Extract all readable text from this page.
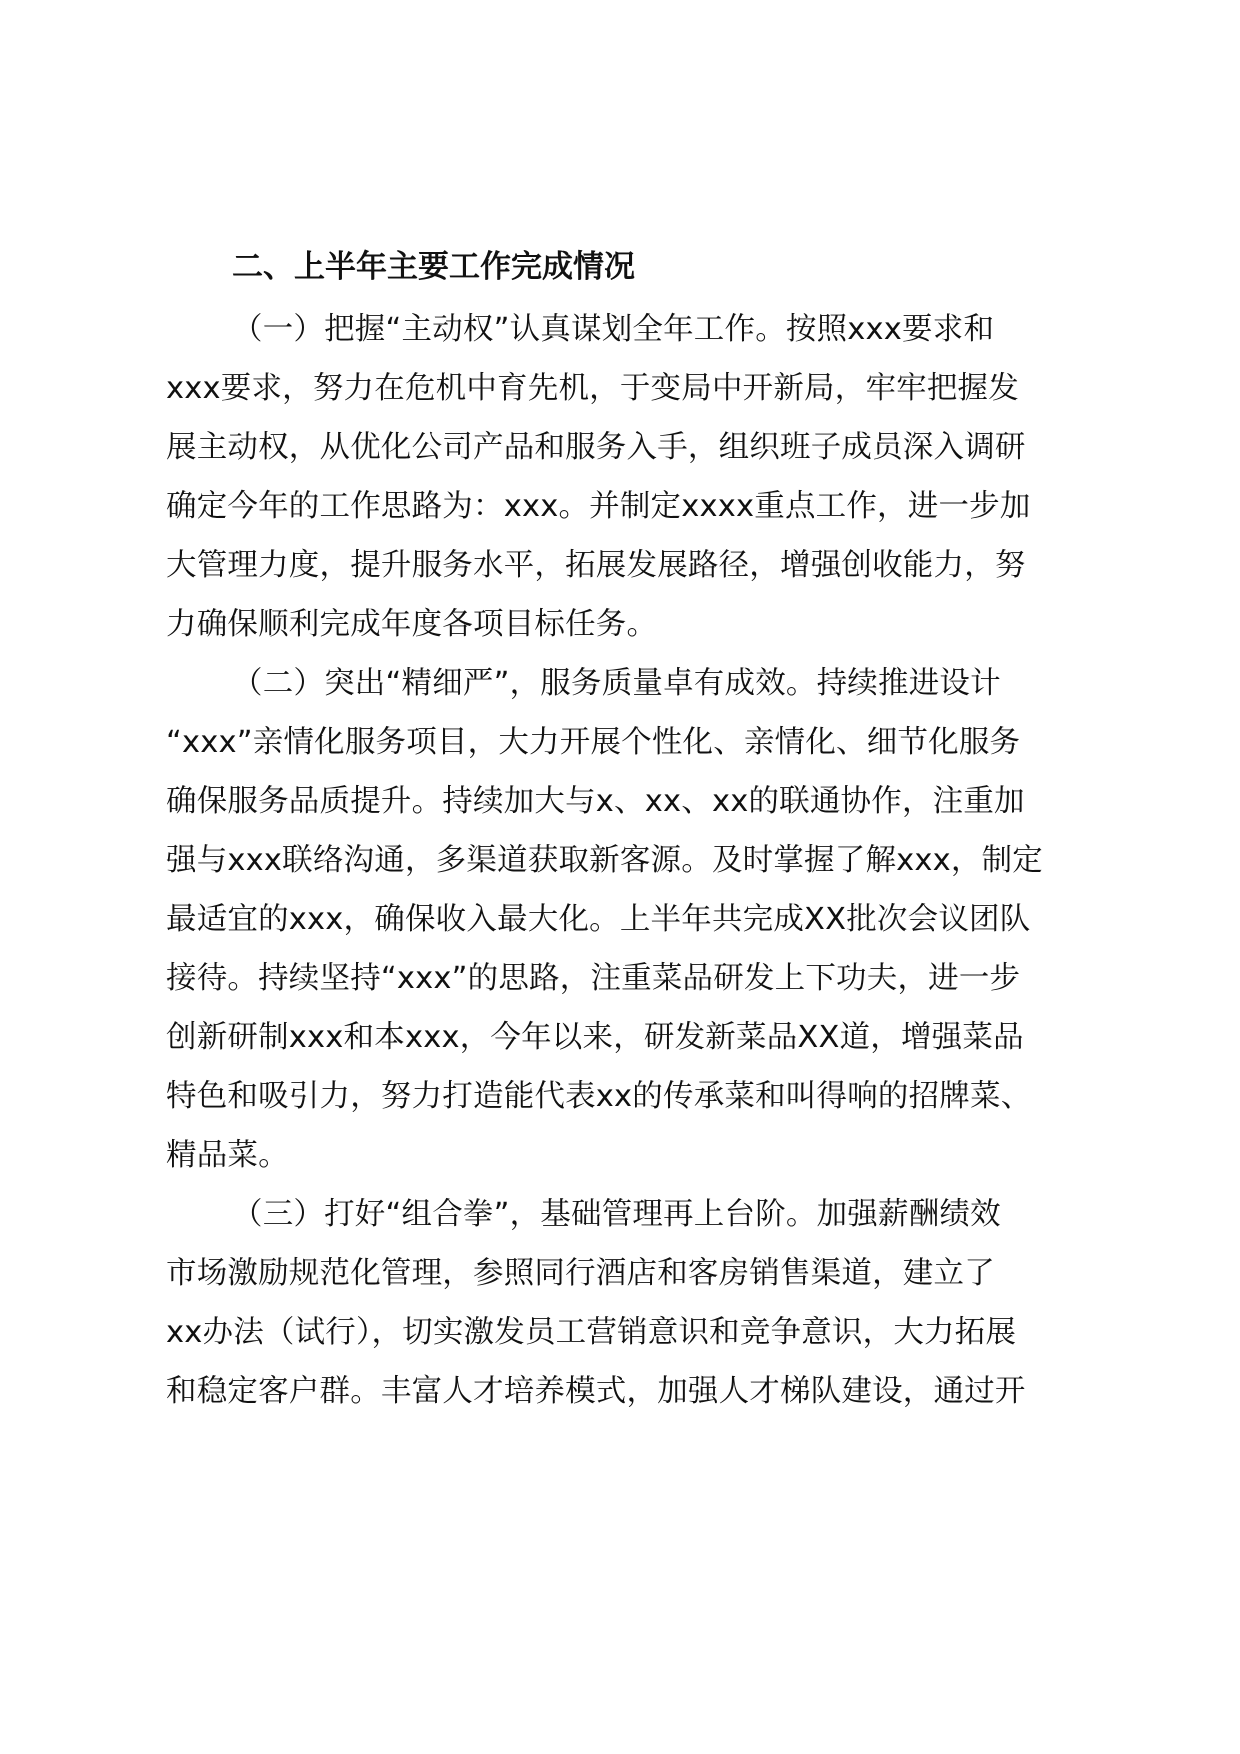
二、上半年主要工作完成情况
（一）把握“主动权”认真谋划全年工作。按照xxx要求和
xxx要求，努力在危机中育先机，于变局中开新局，牢牢把握发
展主动权，从优化公司产品和服务入手，组织班子成员深入调研
确定今年的工作思路为：xxx。并制定xxxx重点工作，进一步加
大管理力度，提升服务水平，拓展发展路径，增强创收能力，努
力确保顺利完成年度各项目标任务。
（二）突出“精细严”，服务质量卓有成效。持续推进设计
“xxx”亲情化服务项目，大力开展个性化、亲情化、细节化服务
确保服务品质提升。持续加大与x、xx、xx的联通协作，注重加
强与xxx联络沟通，多渠道获取新客源。及时掌握了解xxx，制定
最适宜的xxx，确保收入最大化。上半年共完成XX批次会议团队
接待。持续坚持“xxx”的思路，注重菜品研发上下功夫，进一步
创新研制xxx和本xxx，今年以来，研发新菜品XX道，增强菜品
特色和吸引力，努力打造能代表xx的传承菜和叫得响的招牌菜、
精品菜。
（三）打好“组合拳”，基础管理再上台阶。加强薪酬绩效
市场激励规范化管理，参照同行酒店和客房销售渠道，建立了
xx办法（试行），切实激发员工营销意识和竞争意识，大力拓展
和稳定客户群。丰富人才培养模式，加强人才梯队建设，通过开
